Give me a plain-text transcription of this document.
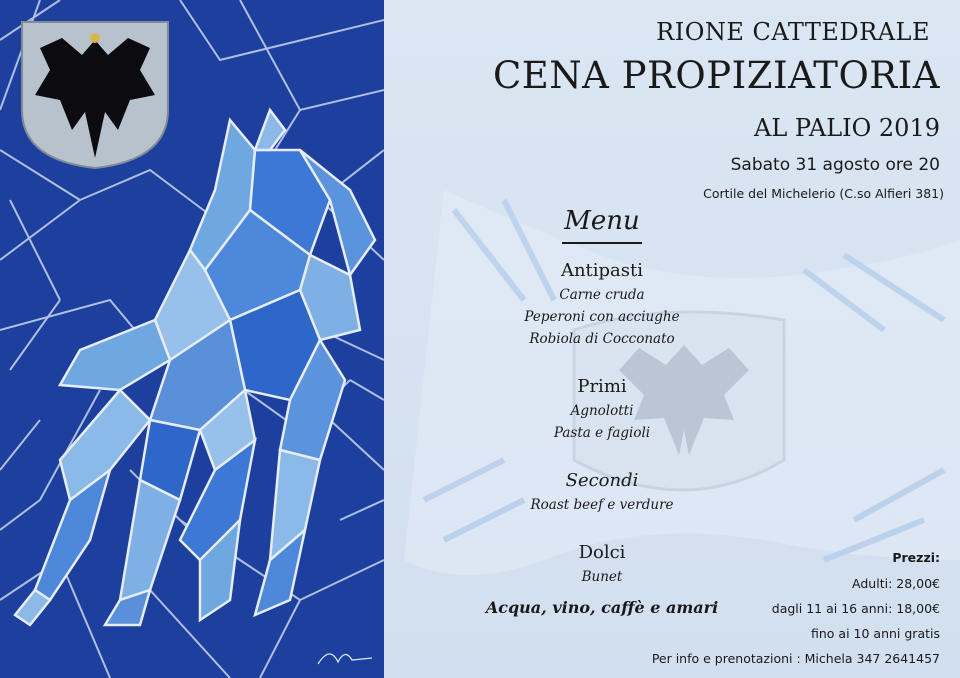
RIONE CATTEDRALE
CENA PROPIZIATORIA
AL PALIO 2019
Sabato 31 agosto ore 20
Cortile del Michelerio (C.so Alfieri 381)
Menu
Antipasti
Carne cruda
Peperoni con acciughe
Robiola di Cocconato
Primi
Agnolotti
Pasta e fagioli
Secondi
Roast beef e verdure
Dolci
Bunet
Acqua, vino, caffè e amari
Prezzi:
Adulti: 28,00€
dagli 11 ai 16 anni: 18,00€
fino ai 10 anni gratis
Per info e prenotazioni : Michela 347 2641457
